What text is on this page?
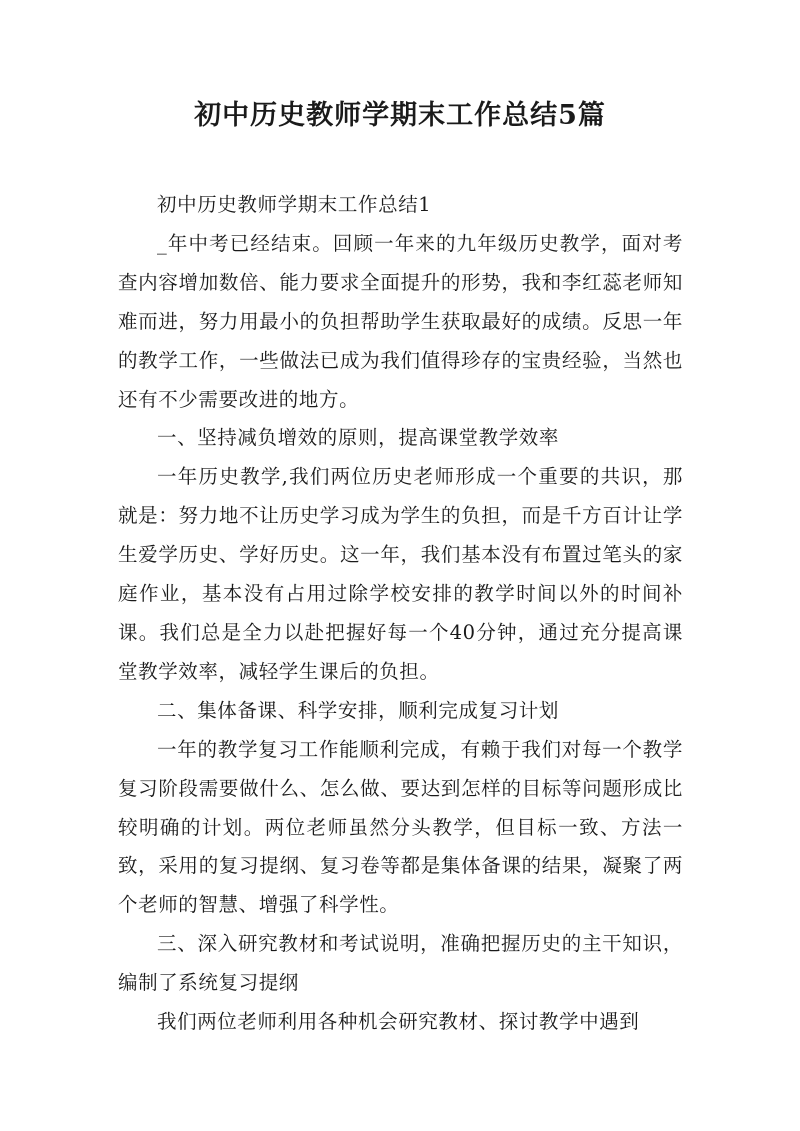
初中历史教师学期末工作总结5篇

初中历史教师学期末工作总结1

_年中考已经结束。回顾一年来的九年级历史教学，面对考查内容增加数倍、能力要求全面提升的形势，我和李红蕊老师知难而进，努力用最小的负担帮助学生获取最好的成绩。反思一年的教学工作，一些做法已成为我们值得珍存的宝贵经验，当然也还有不少需要改进的地方。

一、坚持减负增效的原则，提高课堂教学效率

一年历史教学,我们两位历史老师形成一个重要的共识，那就是：努力地不让历史学习成为学生的负担，而是千方百计让学生爱学历史、学好历史。这一年，我们基本没有布置过笔头的家庭作业，基本没有占用过除学校安排的教学时间以外的时间补课。我们总是全力以赴把握好每一个40分钟，通过充分提高课堂教学效率，减轻学生课后的负担。

二、集体备课、科学安排，顺利完成复习计划

一年的教学复习工作能顺利完成，有赖于我们对每一个教学复习阶段需要做什么、怎么做、要达到怎样的目标等问题形成比较明确的计划。两位老师虽然分头教学，但目标一致、方法一致，采用的复习提纲、复习卷等都是集体备课的结果，凝聚了两个老师的智慧、增强了科学性。

三、深入研究教材和考试说明，准确把握历史的主干知识，编制了系统复习提纲

我们两位老师利用各种机会研究教材、探讨教学中遇到
